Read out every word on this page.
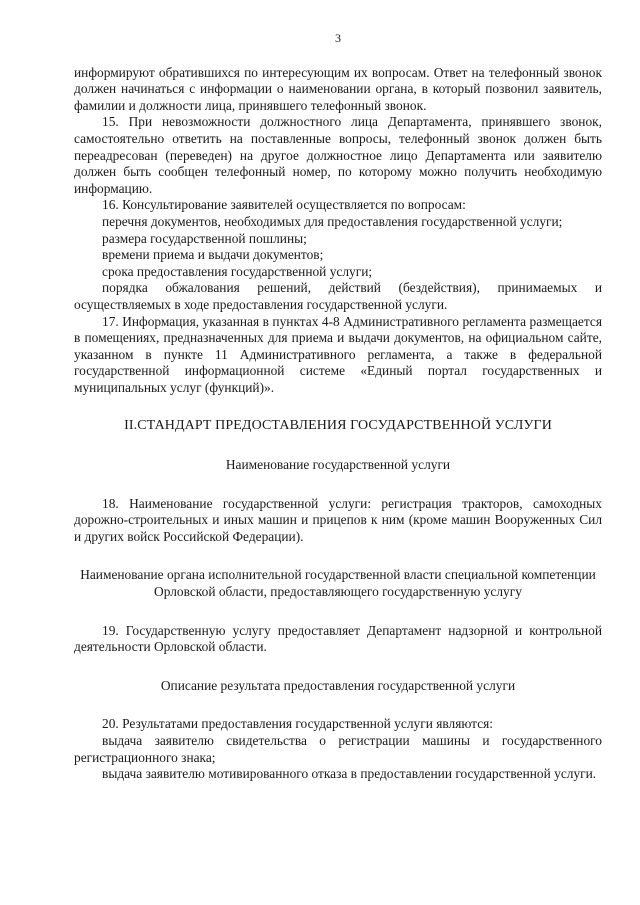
3

информируют обратившихся по интересующим их вопросам. Ответ на телефонный звонок должен начинаться с информации о наименовании органа, в который позвонил заявитель, фамилии и должности лица, принявшего телефонный звонок.

15. При невозможности должностного лица Департамента, принявшего звонок, самостоятельно ответить на поставленные вопросы, телефонный звонок должен быть переадресован (переведен) на другое должностное лицо Департамента или заявителю должен быть сообщен телефонный номер, по которому можно получить необходимую информацию.

16. Консультирование заявителей осуществляется по вопросам:

перечня документов, необходимых для предоставления государственной услуги;

размера государственной пошлины;

времени приема и выдачи документов;

срока предоставления государственной услуги;

порядка обжалования решений, действий (бездействия), принимаемых и осуществляемых в ходе предоставления государственной услуги.

17. Информация, указанная в пунктах 4-8 Административного регламента размещается в помещениях, предназначенных для приема и выдачи документов, на официальном сайте, указанном в пункте 11 Административного регламента, а также в федеральной государственной информационной системе «Единый портал государственных и муниципальных услуг (функций)».

II.СТАНДАРТ ПРЕДОСТАВЛЕНИЯ ГОСУДАРСТВЕННОЙ УСЛУГИ
Наименование государственной услуги

18. Наименование государственной услуги: регистрация тракторов, самоходных дорожно-строительных и иных машин и прицепов к ним (кроме машин Вооруженных Сил и других войск Российской Федерации).

Наименование органа исполнительной государственной власти специальной компетенции Орловской области, предоставляющего государственную услугу

19. Государственную услугу предоставляет Департамент надзорной и контрольной деятельности Орловской области.

Описание результата предоставления государственной услуги

20. Результатами предоставления государственной услуги являются:

выдача заявителю свидетельства о регистрации машины и государственного регистрационного знака;

выдача заявителю мотивированного отказа в предоставлении государственной услуги.
